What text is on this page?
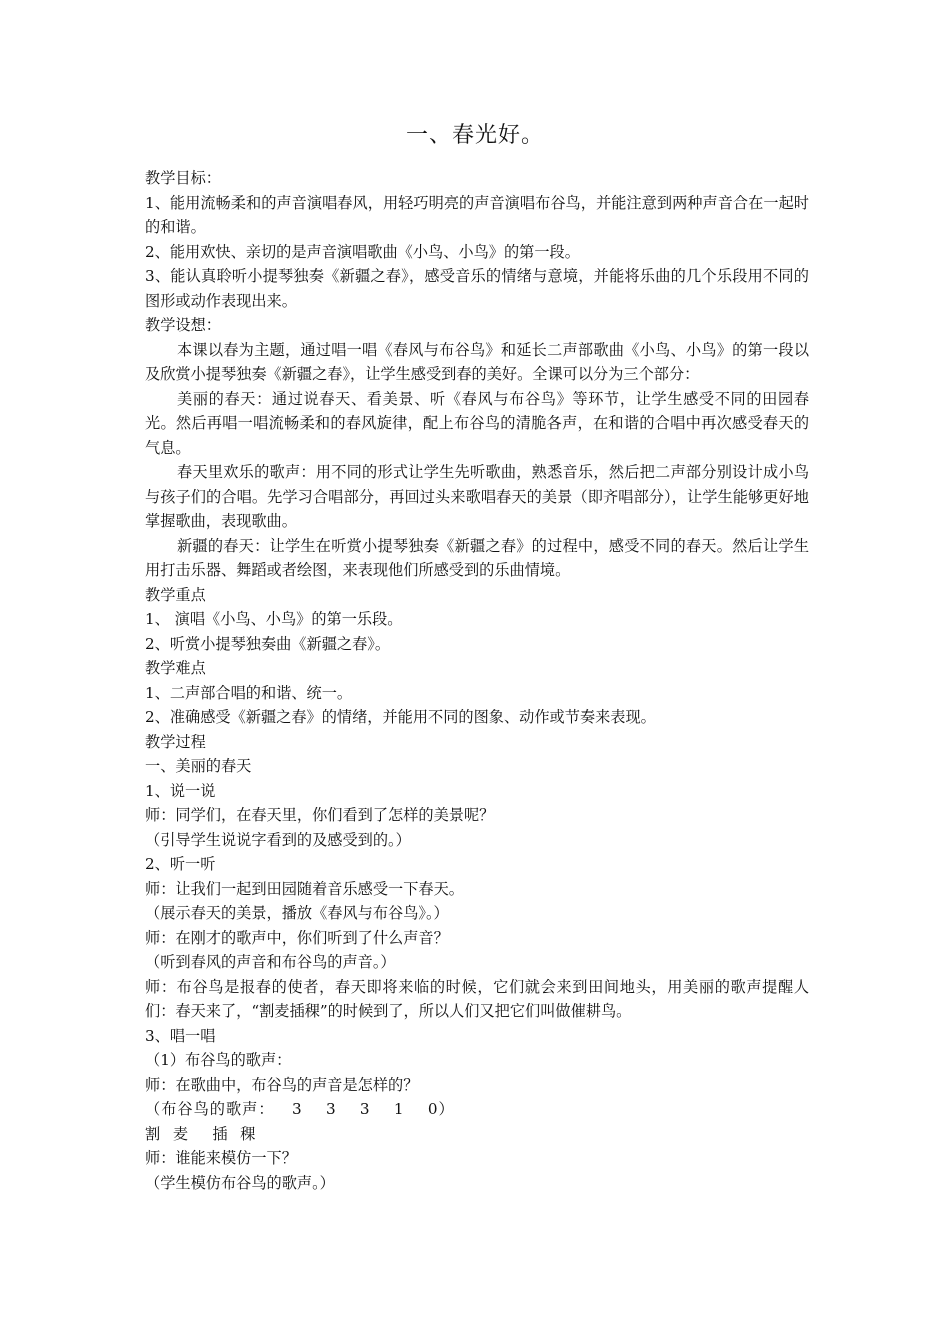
一、春光好。

教学目标：

1、能用流畅柔和的声音演唱春风，用轻巧明亮的声音演唱布谷鸟，并能注意到两种声音合在一起时的和谐。

2、能用欢快、亲切的是声音演唱歌曲《小鸟、小鸟》的第一段。

3、能认真聆听小提琴独奏《新疆之春》，感受音乐的情绪与意境，并能将乐曲的几个乐段用不同的图形或动作表现出来。

教学设想：

本课以春为主题，通过唱一唱《春风与布谷鸟》和延长二声部歌曲《小鸟、小鸟》的第一段以及欣赏小提琴独奏《新疆之春》，让学生感受到春的美好。全课可以分为三个部分：

美丽的春天：通过说春天、看美景、听《春风与布谷鸟》等环节，让学生感受不同的田园春光。然后再唱一唱流畅柔和的春风旋律，配上布谷鸟的清脆各声，在和谐的合唱中再次感受春天的气息。

春天里欢乐的歌声：用不同的形式让学生先听歌曲，熟悉音乐，然后把二声部分别设计成小鸟与孩子们的合唱。先学习合唱部分，再回过头来歌唱春天的美景（即齐唱部分），让学生能够更好地掌握歌曲，表现歌曲。

新疆的春天：让学生在听赏小提琴独奏《新疆之春》的过程中，感受不同的春天。然后让学生用打击乐器、舞蹈或者绘图，来表现他们所感受到的乐曲情境。

教学重点

1、 演唱《小鸟、小鸟》的第一乐段。

2、听赏小提琴独奏曲《新疆之春》。

教学难点

1、二声部合唱的和谐、统一。

2、准确感受《新疆之春》的情绪，并能用不同的图象、动作或节奏来表现。

教学过程

一、美丽的春天

1、说一说

师：同学们，在春天里，你们看到了怎样的美景呢？

（引导学生说说字看到的及感受到的。）

2、听一听

师：让我们一起到田园随着音乐感受一下春天。

（展示春天的美景，播放《春风与布谷鸟》。）

师：在刚才的歌声中，你们听到了什么声音？

（听到春风的声音和布谷鸟的声音。）

师：布谷鸟是报春的使者，春天即将来临的时候，它们就会来到田间地头，用美丽的歌声提醒人们：春天来了，“割麦插稞”的时候到了，所以人们又把它们叫做催耕鸟。

3、唱一唱

（1）布谷鸟的歌声：

师：在歌曲中，布谷鸟的声音是怎样的？

（布谷鸟的歌声：   3    3    3    1    0）

割  麦    插  稞

师：谁能来模仿一下？

（学生模仿布谷鸟的歌声。）
